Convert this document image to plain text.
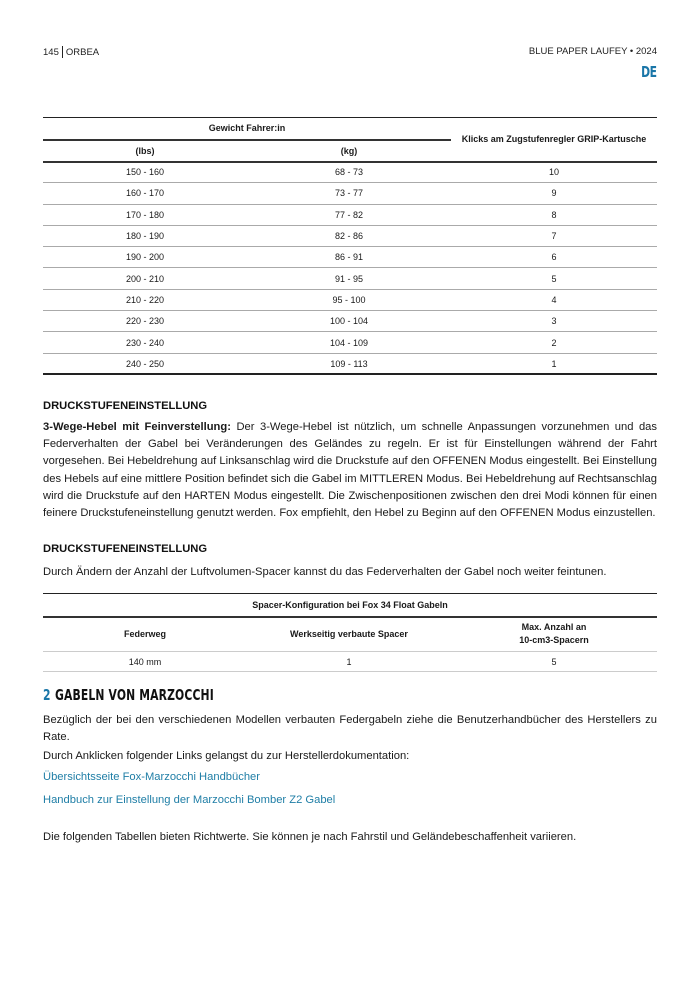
145 ORBEA	BLUE PAPER LAUFEY • 2024
DE
Gewicht Fahrer:in		Klicks am Zugstufenregler GRIP-Kartusche
(lbs)	(kg)	
150 - 160	68 - 73	10
160 - 170	73 - 77	9
170 - 180	77 - 82	8
180 - 190	82 - 86	7
190 - 200	86 - 91	6
200 - 210	91 - 95	5
210 - 220	95 - 100	4
220 - 230	100 - 104	3
230 - 240	104 - 109	2
240 - 250	109 - 113	1
DRUCKSTUFENEINSTELLUNG

3-Wege-Hebel mit Feinverstellung: Der 3-Wege-Hebel ist nützlich, um schnelle Anpassungen vorzunehmen und das Federverhalten der Gabel bei Veränderungen des Geländes zu regeln. Er ist für Einstellungen während der Fahrt vorgesehen. Bei Hebeldrehung auf Linksanschlag wird die Druckstufe auf den OFFENEN Modus eingestellt. Bei Einstellung des Hebels auf eine mittlere Position befindet sich die Gabel im MITTLEREN Modus. Bei Hebeldrehung auf Rechtsanschlag wird die Druckstufe auf den HARTEN Modus eingestellt. Die Zwischenpositionen zwischen den drei Modi können für einen feinere Druckstufeneinstellung genutzt werden. Fox empfiehlt, den Hebel zu Beginn auf den OFFENEN Modus einzustellen.

DRUCKSTUFENEINSTELLUNG

Durch Ändern der Anzahl der Luftvolumen-Spacer kannst du das Federverhalten der Gabel noch weiter feintunen.

Spacer-Konfiguration bei Fox 34 Float Gabeln		
Federweg	Werkseitig verbaute Spacer	Max. Anzahl an
10-cm3-Spacern
140 mm	1	5
2 GABELN VON MARZOCCHI

Bezüglich der bei den verschiedenen Modellen verbauten Federgabeln ziehe die Benutzerhandbücher des Herstellers zu Rate.

Durch Anklicken folgender Links gelangst du zur Herstellerdokumentation:

Übersichtsseite Fox-Marzocchi Handbücher
Handbuch zur Einstellung der Marzocchi Bomber Z2 Gabel

Die folgenden Tabellen bieten Richtwerte. Sie können je nach Fahrstil und Geländebeschaffenheit variieren.
